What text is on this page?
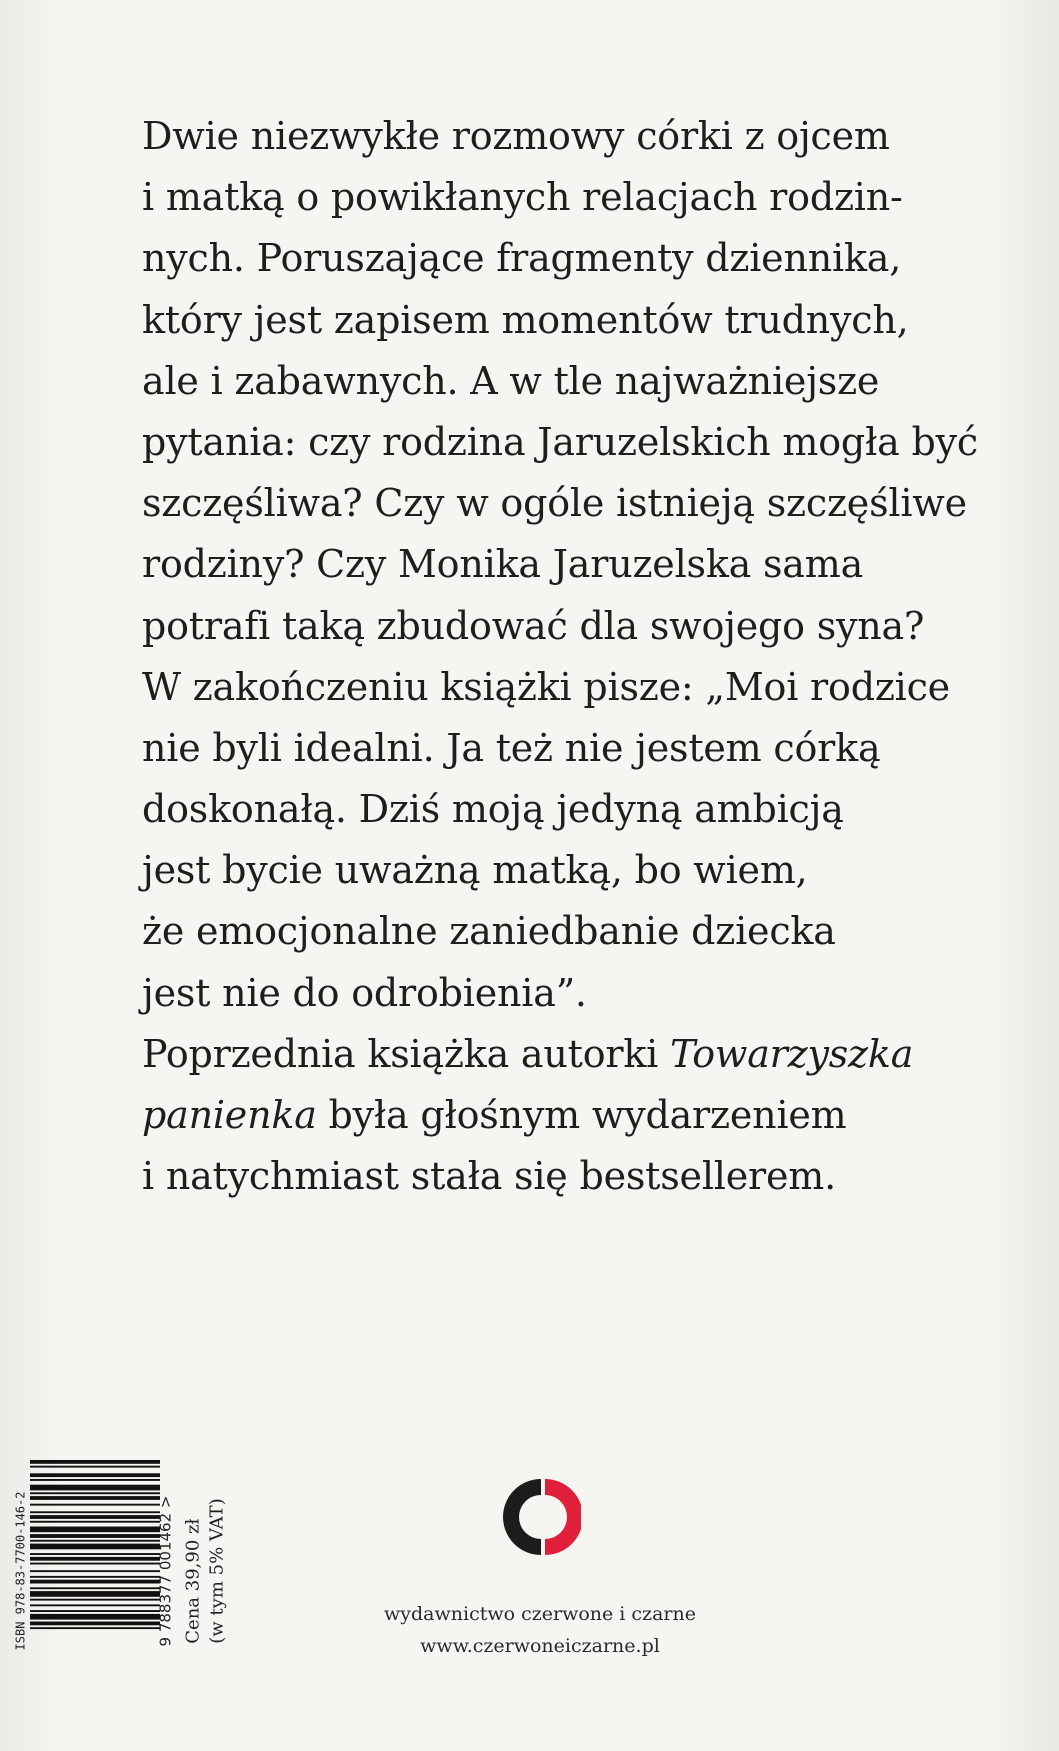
Dwie niezwykłe rozmowy córki z ojcem
i matką o powikłanych relacjach rodzin-
nych. Poruszające fragmenty dziennika,
który jest zapisem momentów trudnych,
ale i zabawnych. A w tle najważniejsze
pytania: czy rodzina Jaruzelskich mogła być
szczęśliwa? Czy w ogóle istnieją szczęśliwe
rodziny? Czy Monika Jaruzelska sama
potrafi taką zbudować dla swojego syna?
W zakończeniu książki pisze: „Moi rodzice
nie byli idealni. Ja też nie jestem córką
doskonałą. Dziś moją jedyną ambicją
jest bycie uważną matką, bo wiem,
że emocjonalne zaniedbanie dziecka
jest nie do odrobienia”.
Poprzednia książka autorki Towarzyszka
panienka była głośnym wydarzeniem
i natychmiast stała się bestsellerem.
wydawnictwo czerwone i czarne
www.czerwoneiczarne.pl
ISBN 978-83-7700-146-2	9 788377 001462 > Cena 39,90 zł (w tym 5% VAT)
